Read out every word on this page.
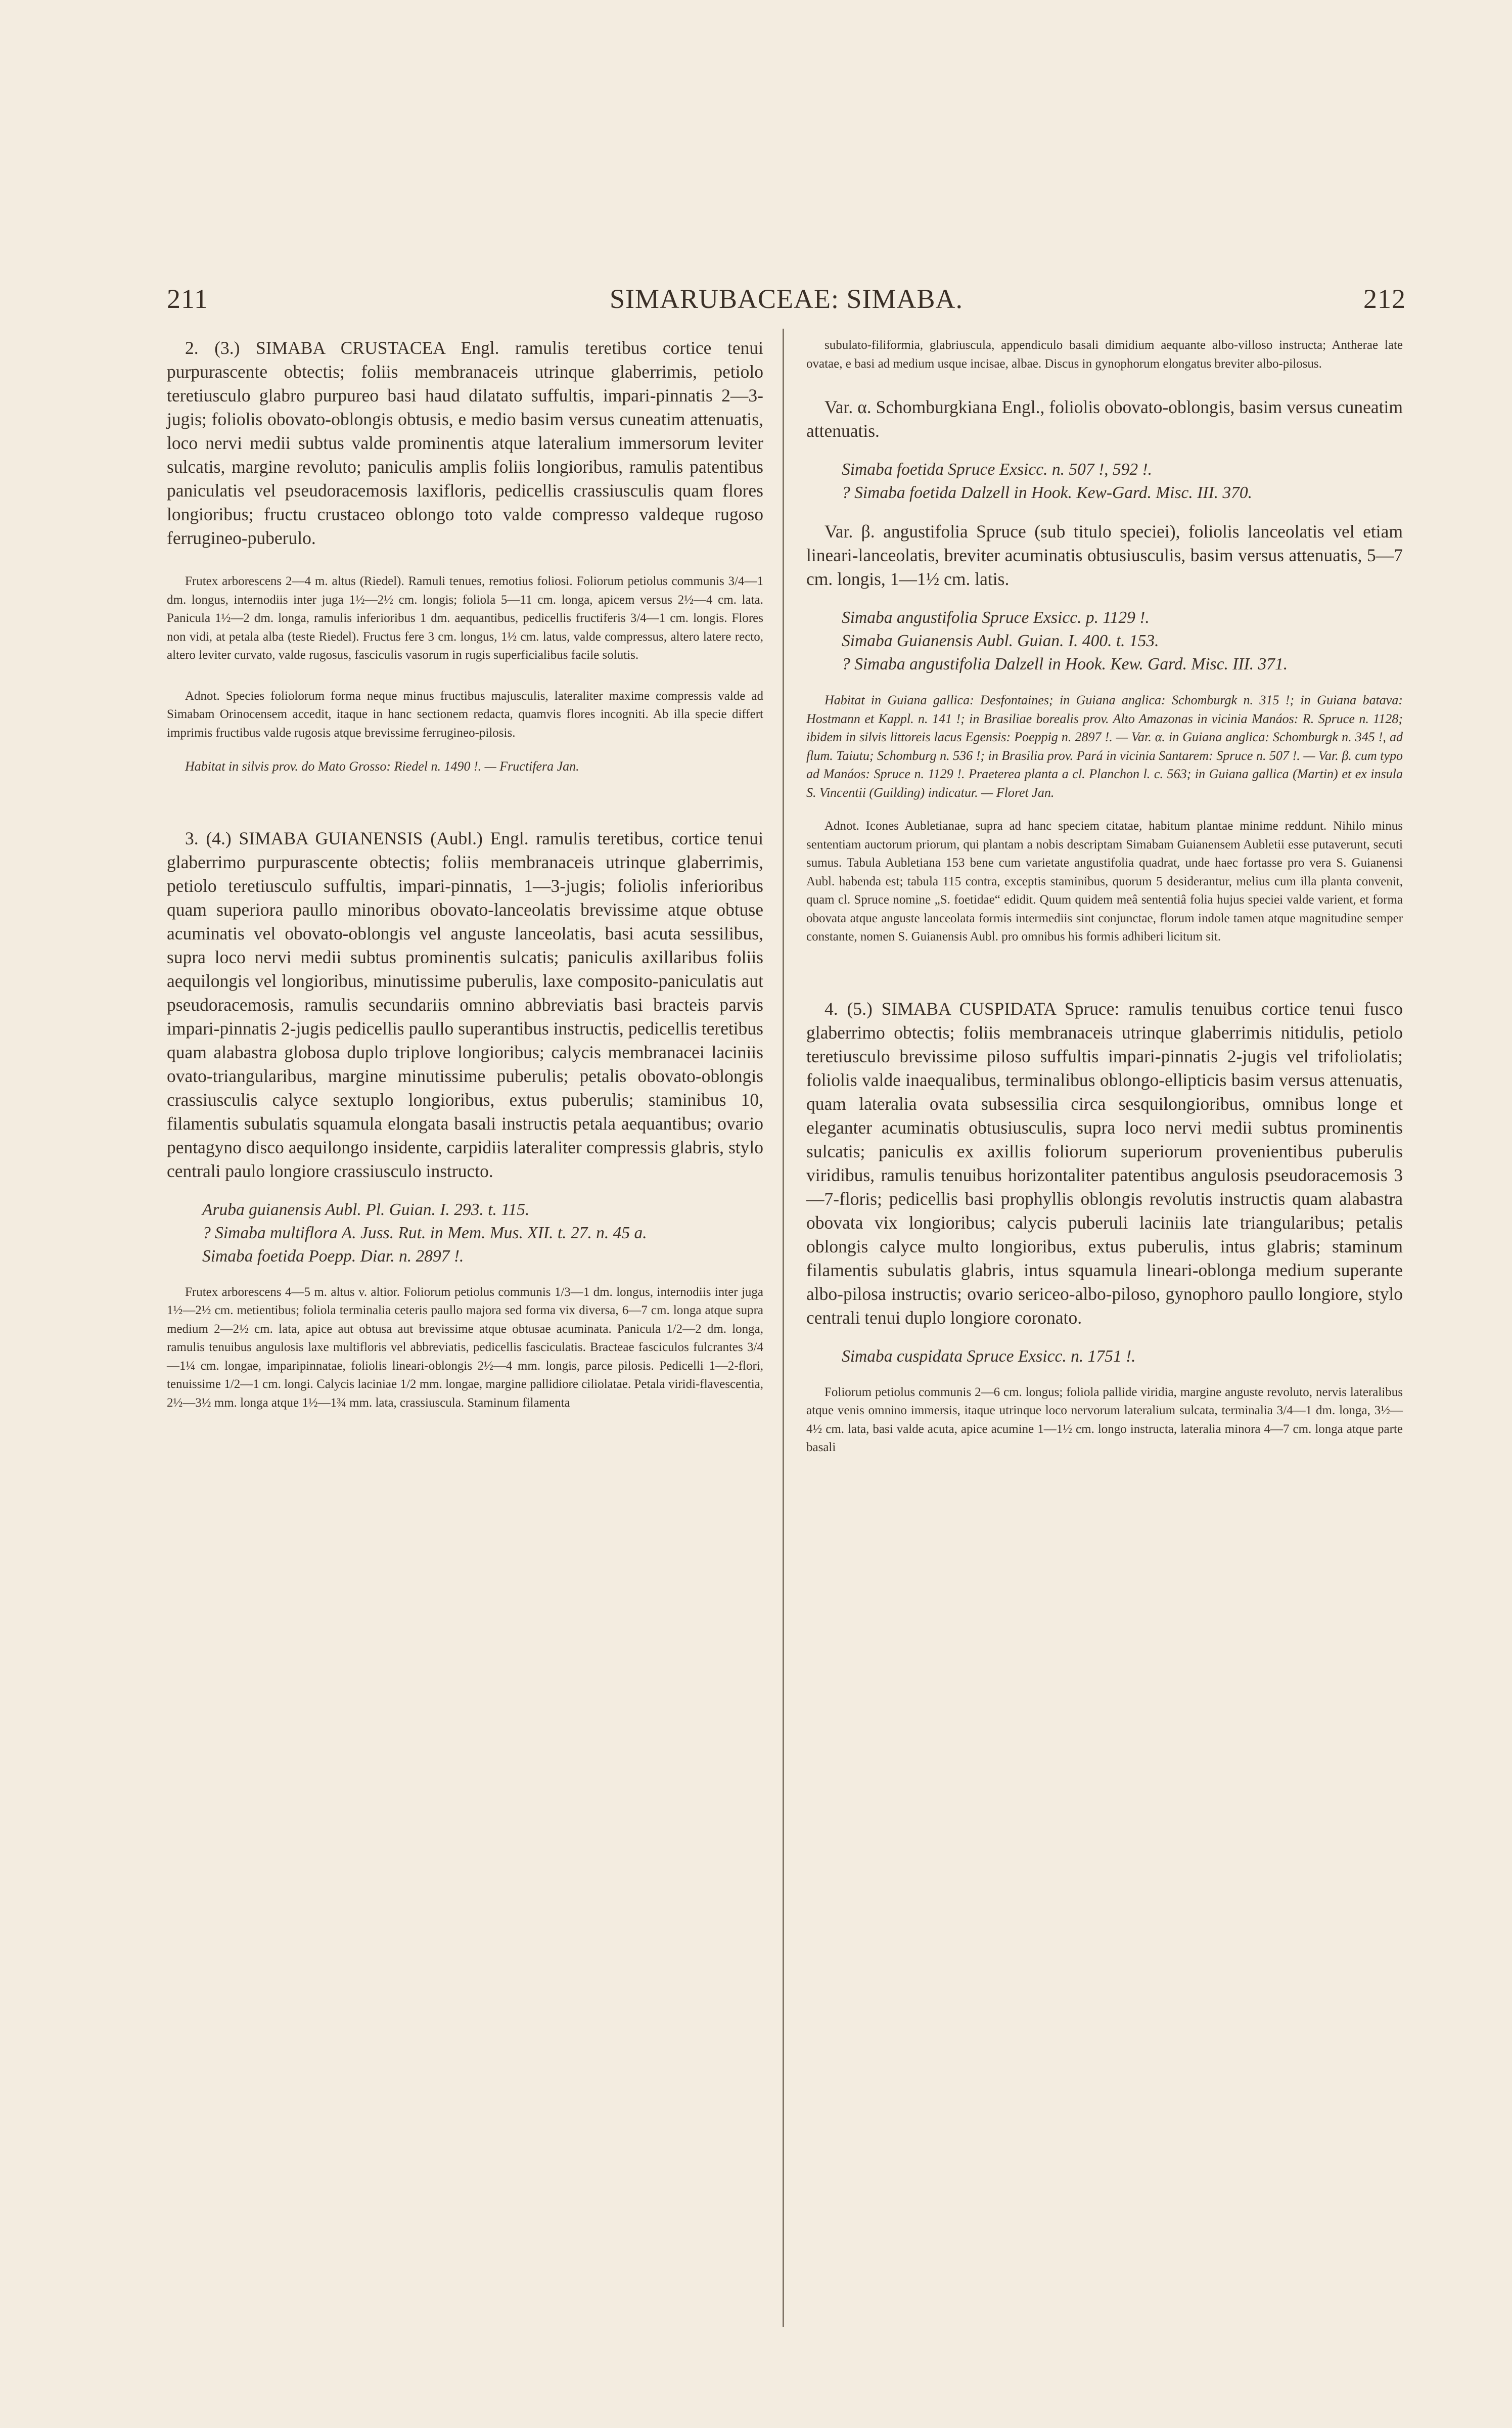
211	SIMARUBACEAE: SIMABA.	212

2. (3.) SIMABA CRUSTACEA Engl. ramulis teretibus cortice tenui purpurascente obtectis; foliis membranaceis utrinque glaberrimis, petiolo teretiusculo glabro purpureo basi haud dilatato suffultis, impari-pinnatis 2—3-jugis; foliolis obovato-oblongis obtusis, e medio basim versus cuneatim attenuatis, loco nervi medii subtus valde prominentis atque lateralium immersorum leviter sulcatis, margine revoluto; paniculis amplis foliis longioribus, ramulis patentibus paniculatis vel pseudoracemosis laxifloris, pedicellis crassiusculis quam flores longioribus; fructu crustaceo oblongo toto valde compresso valdeque rugoso ferrugineo-puberulo.

Frutex arborescens 2—4 m. altus (Riedel). Ramuli tenues, remotius foliosi. Foliorum petiolus communis 3/4—1 dm. longus, internodiis inter juga 1½—2½ cm. longis; foliola 5—11 cm. longa, apicem versus 2½—4 cm. lata. Panicula 1½—2 dm. longa, ramulis inferioribus 1 dm. aequantibus, pedicellis fructiferis 3/4—1 cm. longis. Flores non vidi, at petala alba (teste Riedel). Fructus fere 3 cm. longus, 1½ cm. latus, valde compressus, altero latere recto, altero leviter curvato, valde rugosus, fasciculis vasorum in rugis superficialibus facile solutis.

Adnot. Species foliolorum forma neque minus fructibus majusculis, lateraliter maxime compressis valde ad Simabam Orinocensem accedit, itaque in hanc sectionem redacta, quamvis flores incogniti. Ab illa specie differt imprimis fructibus valde rugosis atque brevissime ferrugineo-pilosis.

Habitat in silvis prov. do Mato Grosso: Riedel n. 1490 !. — Fructifera Jan.

3. (4.) SIMABA GUIANENSIS (Aubl.) Engl. ramulis teretibus, cortice tenui glaberrimo purpurascente obtectis; foliis membranaceis utrinque glaberrimis, petiolo teretiusculo suffultis, impari-pinnatis, 1—3-jugis; foliolis inferioribus quam superiora paullo minoribus obovato-lanceolatis brevissime atque obtuse acuminatis vel obovato-oblongis vel anguste lanceolatis, basi acuta sessilibus, supra loco nervi medii subtus prominentis sulcatis; paniculis axillaribus foliis aequilongis vel longioribus, minutissime puberulis, laxe composito-paniculatis aut pseudoracemosis, ramulis secundariis omnino abbreviatis basi bracteis parvis impari-pinnatis 2-jugis pedicellis paullo superantibus instructis, pedicellis teretibus quam alabastra globosa duplo triplove longioribus; calycis membranacei laciniis ovato-triangularibus, margine minutissime puberulis; petalis obovato-oblongis crassiusculis calyce sextuplo longioribus, extus puberulis; staminibus 10, filamentis subulatis squamula elongata basali instructis petala aequantibus; ovario pentagyno disco aequilongo insidente, carpidiis lateraliter compressis glabris, stylo centrali paulo longiore crassiusculo instructo.

Aruba guianensis Aubl. Pl. Guian. I. 293. t. 115.

? Simaba multiflora A. Juss. Rut. in Mem. Mus. XII. t. 27. n. 45 a.

Simaba foetida Poepp. Diar. n. 2897 !.

Frutex arborescens 4—5 m. altus v. altior. Foliorum petiolus communis 1/3—1 dm. longus, internodiis inter juga 1½—2½ cm. metientibus; foliola terminalia ceteris paullo majora sed forma vix diversa, 6—7 cm. longa atque supra medium 2—2½ cm. lata, apice aut obtusa aut brevissime atque obtusae acuminata. Panicula 1/2—2 dm. longa, ramulis tenuibus angulosis laxe multifloris vel abbreviatis, pedicellis fasciculatis. Bracteae fasciculos fulcrantes 3/4—1¼ cm. longae, imparipinnatae, foliolis lineari-oblongis 2½—4 mm. longis, parce pilosis. Pedicelli 1—2-flori, tenuissime 1/2—1 cm. longi. Calycis laciniae 1/2 mm. longae, margine pallidiore ciliolatae. Petala viridi-flavescentia, 2½—3½ mm. longa atque 1½—1¾ mm. lata, crassiuscula. Staminum filamenta

subulato-filiformia, glabriuscula, appendiculo basali dimidium aequante albo-villoso instructa; Antherae late ovatae, e basi ad medium usque incisae, albae. Discus in gynophorum elongatus breviter albo-pilosus.

Var. α. Schomburgkiana Engl., foliolis obovato-oblongis, basim versus cuneatim attenuatis.

Simaba foetida Spruce Exsicc. n. 507 !, 592 !.

? Simaba foetida Dalzell in Hook. Kew-Gard. Misc. III. 370.

Var. β. angustifolia Spruce (sub titulo speciei), foliolis lanceolatis vel etiam lineari-lanceolatis, breviter acuminatis obtusiusculis, basim versus attenuatis, 5—7 cm. longis, 1—1½ cm. latis.

Simaba angustifolia Spruce Exsicc. p. 1129 !.

Simaba Guianensis Aubl. Guian. I. 400. t. 153.

? Simaba angustifolia Dalzell in Hook. Kew. Gard. Misc. III. 371.

Habitat in Guiana gallica: Desfontaines; in Guiana anglica: Schomburgk n. 315 !; in Guiana batava: Hostmann et Kappl. n. 141 !; in Brasiliae borealis prov. Alto Amazonas in vicinia Manáos: R. Spruce n. 1128; ibidem in silvis littoreis lacus Egensis: Poeppig n. 2897 !. — Var. α. in Guiana anglica: Schomburgk n. 345 !, ad flum. Taiutu; Schomburg n. 536 !; in Brasilia prov. Pará in vicinia Santarem: Spruce n. 507 !. — Var. β. cum typo ad Manáos: Spruce n. 1129 !. Praeterea planta a cl. Planchon l. c. 563; in Guiana gallica (Martin) et ex insula S. Vincentii (Guilding) indicatur. — Floret Jan.

Adnot. Icones Aubletianae, supra ad hanc speciem citatae, habitum plantae minime reddunt. Nihilo minus sententiam auctorum priorum, qui plantam a nobis descriptam Simabam Guianensem Aubletii esse putaverunt, secuti sumus. Tabula Aubletiana 153 bene cum varietate angustifolia quadrat, unde haec fortasse pro vera S. Guianensi Aubl. habenda est; tabula 115 contra, exceptis staminibus, quorum 5 desiderantur, melius cum illa planta convenit, quam cl. Spruce nomine „S. foetidae“ edidit. Quum quidem meâ sententiâ folia hujus speciei valde varient, et forma obovata atque anguste lanceolata formis intermediis sint conjunctae, florum indole tamen atque magnitudine semper constante, nomen S. Guianensis Aubl. pro omnibus his formis adhiberi licitum sit.

4. (5.) SIMABA CUSPIDATA Spruce: ramulis tenuibus cortice tenui fusco glaberrimo obtectis; foliis membranaceis utrinque glaberrimis nitidulis, petiolo teretiusculo brevissime piloso suffultis impari-pinnatis 2-jugis vel trifoliolatis; foliolis valde inaequalibus, terminalibus oblongo-ellipticis basim versus attenuatis, quam lateralia ovata subsessilia circa sesquilongioribus, omnibus longe et eleganter acuminatis obtusiusculis, supra loco nervi medii subtus prominentis sulcatis; paniculis ex axillis foliorum superiorum provenientibus puberulis viridibus, ramulis tenuibus horizontaliter patentibus angulosis pseudoracemosis 3—7-floris; pedicellis basi prophyllis oblongis revolutis instructis quam alabastra obovata vix longioribus; calycis puberuli laciniis late triangularibus; petalis oblongis calyce multo longioribus, extus puberulis, intus glabris; staminum filamentis subulatis glabris, intus squamula lineari-oblonga medium superante albo-pilosa instructis; ovario sericeo-albo-piloso, gynophoro paullo longiore, stylo centrali tenui duplo longiore coronato.

Simaba cuspidata Spruce Exsicc. n. 1751 !.

Foliorum petiolus communis 2—6 cm. longus; foliola pallide viridia, margine anguste revoluto, nervis lateralibus atque venis omnino immersis, itaque utrinque loco nervorum lateralium sulcata, terminalia 3/4—1 dm. longa, 3½—4½ cm. lata, basi valde acuta, apice acumine 1—1½ cm. longo instructa, lateralia minora 4—7 cm. longa atque parte basali
